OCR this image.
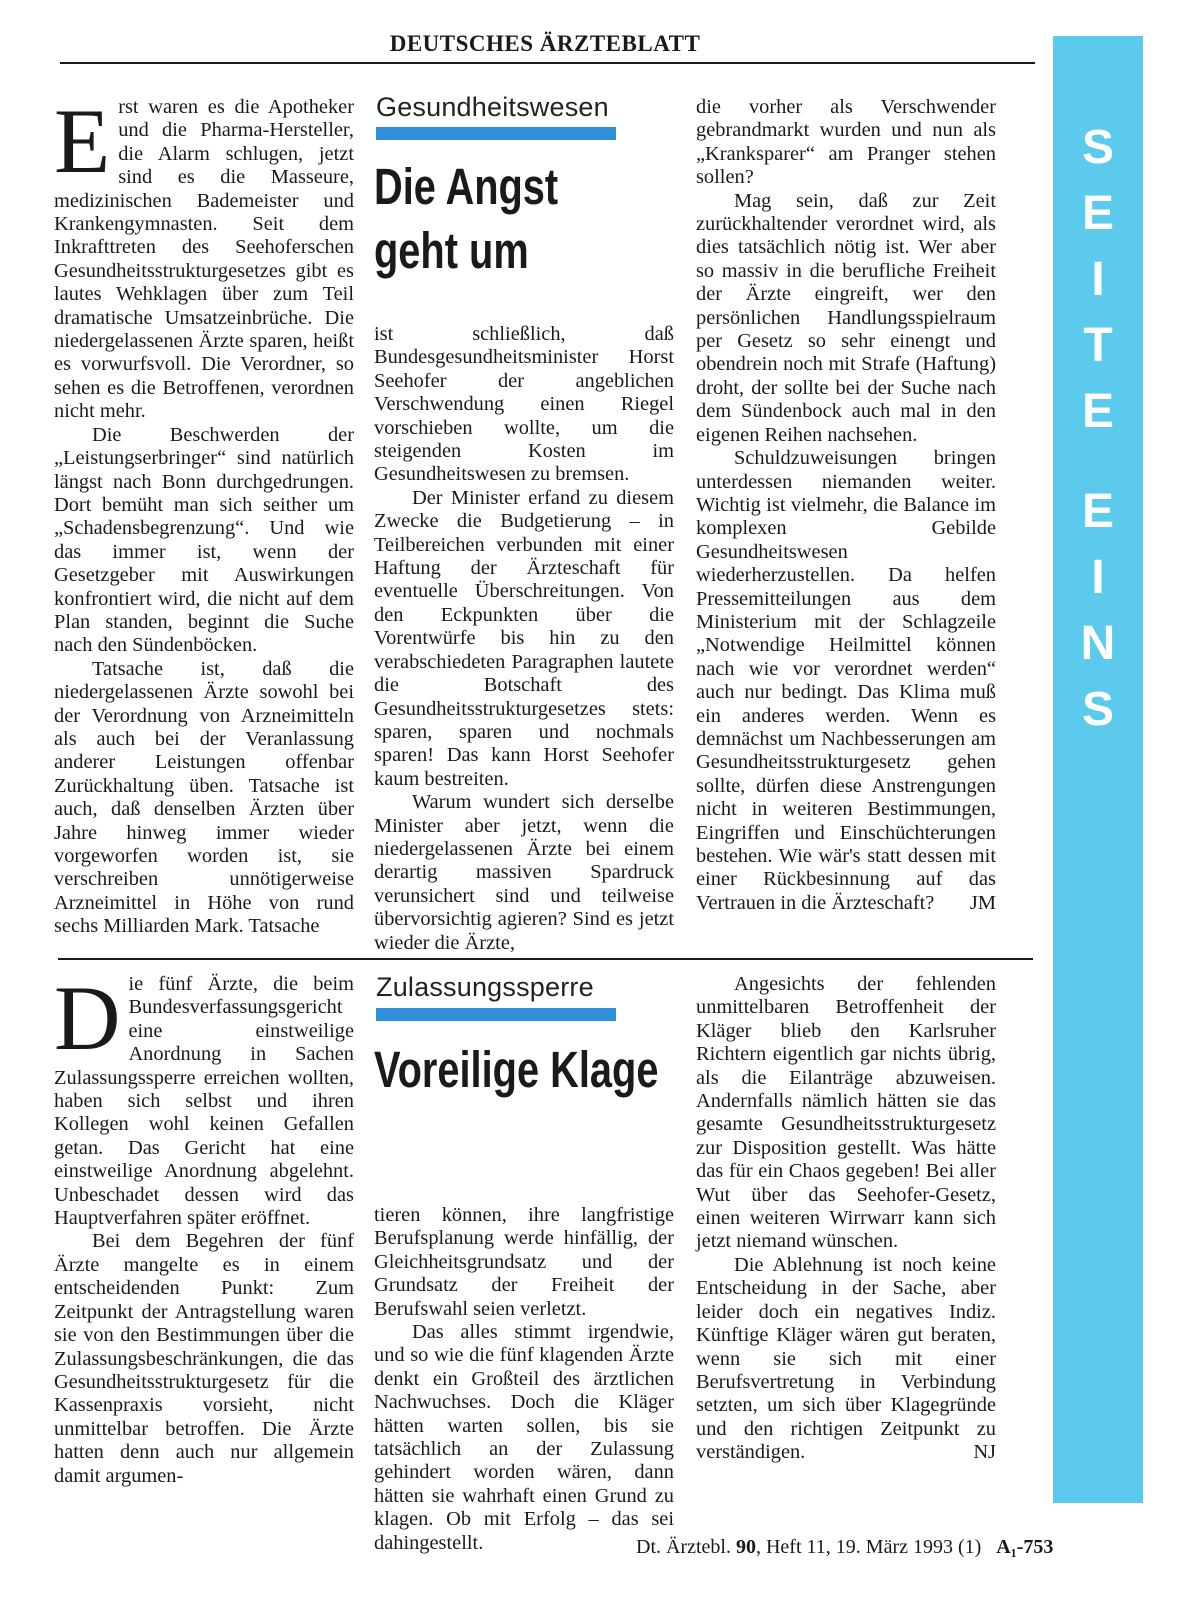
DEUTSCHES ÄRZTEBLATT
S
E
I
T
E
E
I
N
S

Erst waren es die Apotheker und die Pharma-Hersteller, die Alarm schlugen, jetzt sind es die Masseure, medizinischen Bademeister und Krankengymnasten. Seit dem Inkrafttreten des Seehoferschen Gesundheitsstrukturgesetzes gibt es lautes Wehklagen über zum Teil dramatische Umsatzeinbrüche. Die niedergelassenen Ärzte sparen, heißt es vorwurfsvoll. Die Verordner, so sehen es die Betroffenen, verordnen nicht mehr.

Die Beschwerden der „Leistungserbringer“ sind natürlich längst nach Bonn durchgedrungen. Dort bemüht man sich seither um „Schadensbegrenzung“. Und wie das immer ist, wenn der Gesetzgeber mit Auswirkungen konfrontiert wird, die nicht auf dem Plan standen, beginnt die Suche nach den Sündenböcken.

Tatsache ist, daß die niedergelassenen Ärzte sowohl bei der Verordnung von Arzneimitteln als auch bei der Veranlassung anderer Leistungen offenbar Zurückhaltung üben. Tatsache ist auch, daß denselben Ärzten über Jahre hinweg immer wieder vorgeworfen worden ist, sie verschreiben unnötigerweise Arzneimittel in Höhe von rund sechs Milliarden Mark. Tatsache

Gesundheitswesen
Die Angst
geht um

ist schließlich, daß Bundesgesundheitsminister Horst Seehofer der angeblichen Verschwendung einen Riegel vorschieben wollte, um die steigenden Kosten im Gesundheitswesen zu bremsen.

Der Minister erfand zu diesem Zwecke die Budgetierung – in Teilbereichen verbunden mit einer Haftung der Ärzteschaft für eventuelle Überschreitungen. Von den Eckpunkten über die Vorentwürfe bis hin zu den verabschiedeten Paragraphen lautete die Botschaft des Gesundheitsstrukturgesetzes stets: sparen, sparen und nochmals sparen! Das kann Horst Seehofer kaum bestreiten.

Warum wundert sich derselbe Minister aber jetzt, wenn die niedergelassenen Ärzte bei einem derartig massiven Spardruck verunsichert sind und teilweise übervorsichtig agieren? Sind es jetzt wieder die Ärzte,

die vorher als Verschwender gebrandmarkt wurden und nun als „Kranksparer“ am Pranger stehen sollen?

Mag sein, daß zur Zeit zurückhaltender verordnet wird, als dies tatsächlich nötig ist. Wer aber so massiv in die berufliche Freiheit der Ärzte eingreift, wer den persönlichen Handlungsspielraum per Gesetz so sehr einengt und obendrein noch mit Strafe (Haftung) droht, der sollte bei der Suche nach dem Sündenbock auch mal in den eigenen Reihen nachsehen.

Schuldzuweisungen bringen unterdessen niemanden weiter. Wichtig ist vielmehr, die Balance im komplexen Gebilde Gesundheitswesen wiederherzustellen. Da helfen Pressemitteilungen aus dem Ministerium mit der Schlagzeile „Notwendige Heilmittel können nach wie vor verordnet werden“ auch nur bedingt. Das Klima muß ein anderes werden. Wenn es demnächst um Nachbesserungen am Gesundheitsstrukturgesetz gehen sollte, dürfen diese Anstrengungen nicht in weiteren Bestimmungen, Eingriffen und Einschüchterungen bestehen. Wie wär's statt dessen mit einer Rückbesinnung auf das Vertrauen in die Ärzteschaft? JM

Die fünf Ärzte, die beim Bundesverfassungsgericht eine einstweilige Anordnung in Sachen Zulassungssperre erreichen wollten, haben sich selbst und ihren Kollegen wohl keinen Gefallen getan. Das Gericht hat eine einstweilige Anordnung abgelehnt. Unbeschadet dessen wird das Hauptverfahren später eröffnet.

Bei dem Begehren der fünf Ärzte mangelte es in einem entscheidenden Punkt: Zum Zeitpunkt der Antragstellung waren sie von den Bestimmungen über die Zulassungsbeschränkungen, die das Gesundheitsstrukturgesetz für die Kassenpraxis vorsieht, nicht unmittelbar betroffen. Die Ärzte hatten denn auch nur allgemein damit argumen-

Zulassungssperre
Voreilige Klage

tieren können, ihre langfristige Berufsplanung werde hinfällig, der Gleichheitsgrundsatz und der Grundsatz der Freiheit der Berufswahl seien verletzt.

Das alles stimmt irgendwie, und so wie die fünf klagenden Ärzte denkt ein Großteil des ärztlichen Nachwuchses. Doch die Kläger hätten warten sollen, bis sie tatsächlich an der Zulassung gehindert worden wären, dann hätten sie wahrhaft einen Grund zu klagen. Ob mit Erfolg – das sei dahingestellt.

Angesichts der fehlenden unmittelbaren Betroffenheit der Kläger blieb den Karlsruher Richtern eigentlich gar nichts übrig, als die Eilanträge abzuweisen. Andernfalls nämlich hätten sie das gesamte Gesundheitsstrukturgesetz zur Disposition gestellt. Was hätte das für ein Chaos gegeben! Bei aller Wut über das Seehofer-Gesetz, einen weiteren Wirrwarr kann sich jetzt niemand wünschen.

Die Ablehnung ist noch keine Entscheidung in der Sache, aber leider doch ein negatives Indiz. Künftige Kläger wären gut beraten, wenn sie sich mit einer Berufsvertretung in Verbindung setzten, um sich über Klagegründe und den richtigen Zeitpunkt zu verständigen.	NJ

Dt. Ärztebl. 90, Heft 11, 19. März 1993 (1) A₁-753
